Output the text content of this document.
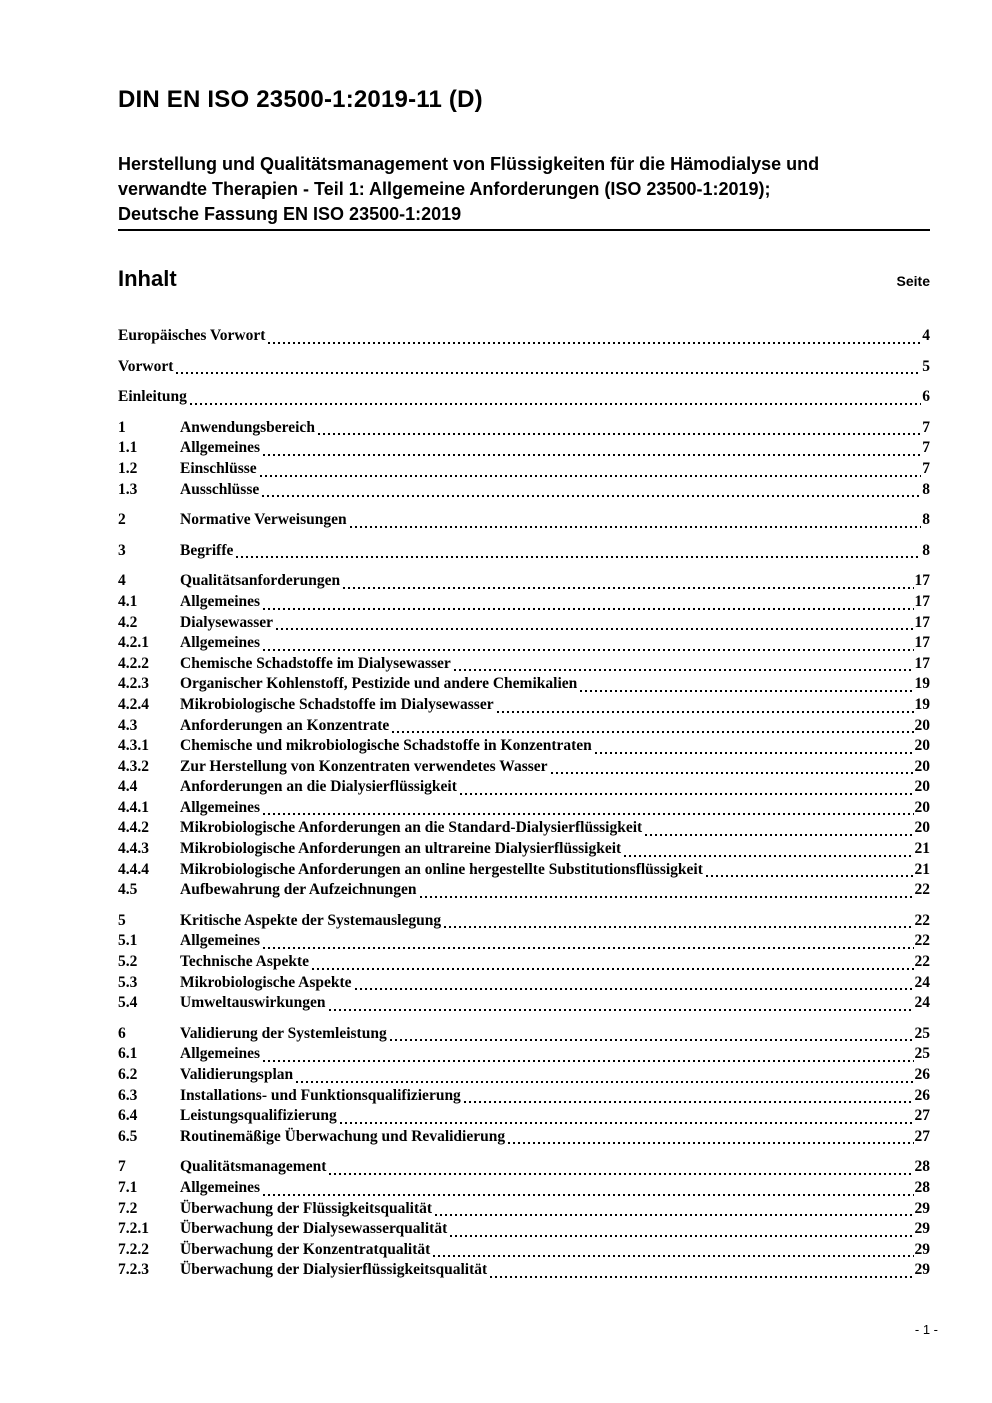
DIN EN ISO 23500-1:2019-11 (D)
Herstellung und Qualitätsmanagement von Flüssigkeiten für die Hämodialyse und
verwandte Therapien - Teil 1: Allgemeine Anforderungen (ISO 23500-1:2019);
Deutsche Fassung EN ISO 23500-1:2019
Inhalt	Seite
Europäisches Vorwort	4
Vorwort	5
Einleitung	6
1	Anwendungsbereich	7
1.1	Allgemeines	7
1.2	Einschlüsse	7
1.3	Ausschlüsse	8
2	Normative Verweisungen	8
3	Begriffe	8
4	Qualitätsanforderungen	17
4.1	Allgemeines	17
4.2	Dialysewasser	17
4.2.1	Allgemeines	17
4.2.2	Chemische Schadstoffe im Dialysewasser	17
4.2.3	Organischer Kohlenstoff, Pestizide und andere Chemikalien	19
4.2.4	Mikrobiologische Schadstoffe im Dialysewasser	19
4.3	Anforderungen an Konzentrate	20
4.3.1	Chemische und mikrobiologische Schadstoffe in Konzentraten	20
4.3.2	Zur Herstellung von Konzentraten verwendetes Wasser	20
4.4	Anforderungen an die Dialysierflüssigkeit	20
4.4.1	Allgemeines	20
4.4.2	Mikrobiologische Anforderungen an die Standard-Dialysierflüssigkeit	20
4.4.3	Mikrobiologische Anforderungen an ultrareine Dialysierflüssigkeit	21
4.4.4	Mikrobiologische Anforderungen an online hergestellte Substitutionsflüssigkeit	21
4.5	Aufbewahrung der Aufzeichnungen	22
5	Kritische Aspekte der Systemauslegung	22
5.1	Allgemeines	22
5.2	Technische Aspekte	22
5.3	Mikrobiologische Aspekte	24
5.4	Umweltauswirkungen	24
6	Validierung der Systemleistung	25
6.1	Allgemeines	25
6.2	Validierungsplan	26
6.3	Installations- und Funktionsqualifizierung	26
6.4	Leistungsqualifizierung	27
6.5	Routinemäßige Überwachung und Revalidierung	27
7	Qualitätsmanagement	28
7.1	Allgemeines	28
7.2	Überwachung der Flüssigkeitsqualität	29
7.2.1	Überwachung der Dialysewasserqualität	29
7.2.2	Überwachung der Konzentratqualität	29
7.2.3	Überwachung der Dialysierflüssigkeitsqualität	29
- 1 -
